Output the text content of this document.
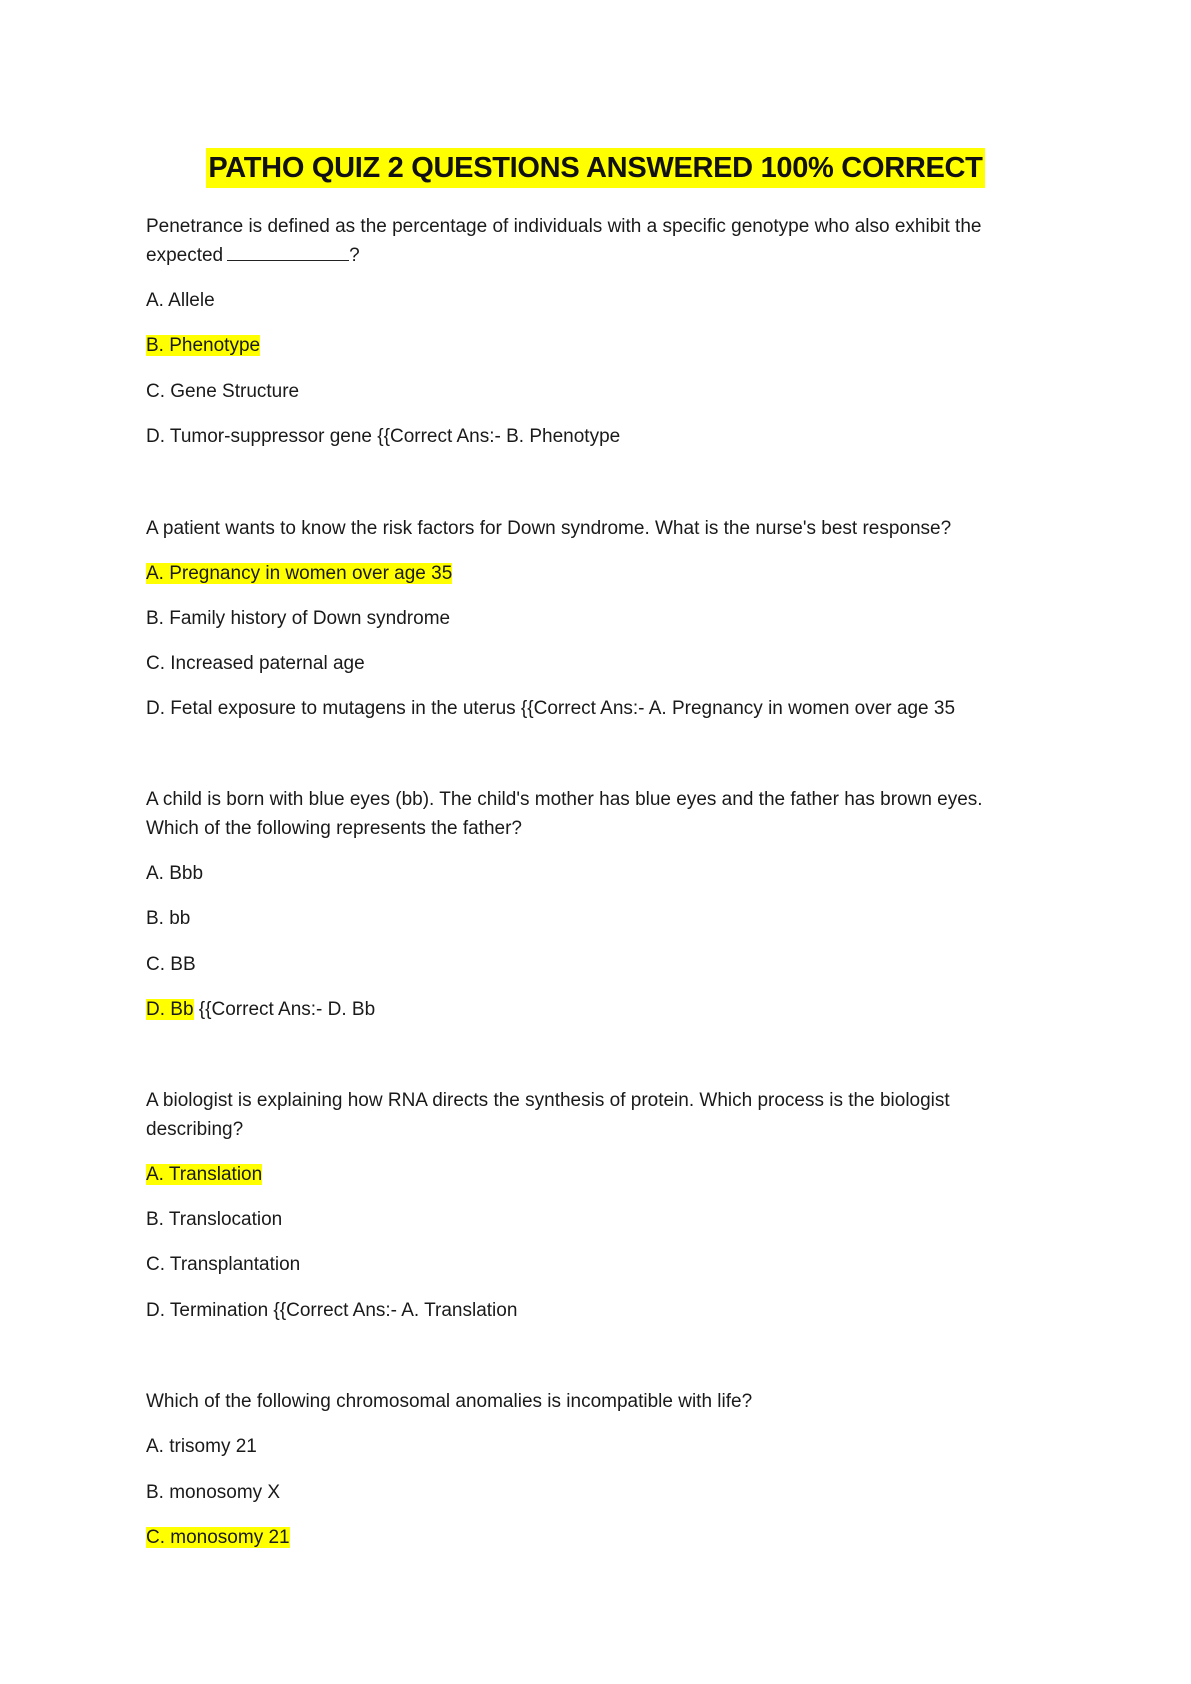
PATHO QUIZ 2 QUESTIONS ANSWERED 100% CORRECT
Penetrance is defined as the percentage of individuals with a specific genotype who also exhibit the
expected	?
A. Allele
B. Phenotype
C. Gene Structure
D. Tumor-suppressor gene {{Correct Ans:- B. Phenotype
A patient wants to know the risk factors for Down syndrome. What is the nurse's best response?
A. Pregnancy in women over age 35
B. Family history of Down syndrome
C. Increased paternal age
D. Fetal exposure to mutagens in the uterus {{Correct Ans:- A. Pregnancy in women over age 35
A child is born with blue eyes (bb). The child's mother has blue eyes and the father has brown eyes.
Which of the following represents the father?
A. Bbb
B. bb
C. BB
D. Bb {{Correct Ans:- D. Bb
A biologist is explaining how RNA directs the synthesis of protein. Which process is the biologist
describing?
A. Translation
B. Translocation
C. Transplantation
D. Termination {{Correct Ans:- A. Translation
Which of the following chromosomal anomalies is incompatible with life?
A. trisomy 21
B. monosomy X
C. monosomy 21
